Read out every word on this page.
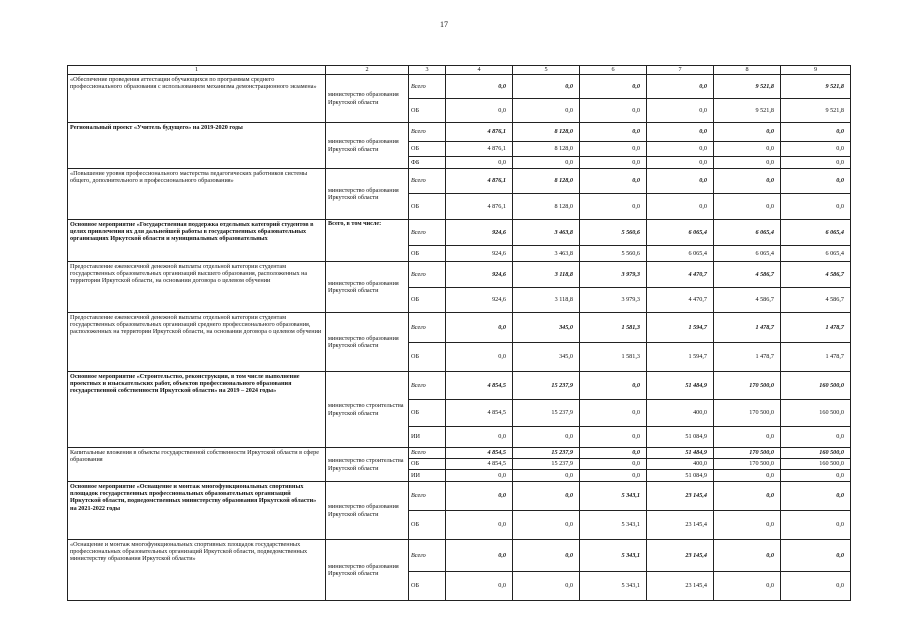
17
1	2	3	4	5	6	7	8	9
«Обеспечение проведения аттестации обучающихся по программам среднего профессионального образования с использованием механизма демонстрационного экзамена»	министерство образования Иркутской области	Всего	0,0	0,0	0,0	0,0	9 521,8	9 521,8
		ОБ	0,0	0,0	0,0	0,0	9 521,8	9 521,8
Региональный проект «Учитель будущего» на 2019-2020 годы	министерство образования Иркутской области	Всего	4 876,1	8 128,0	0,0	0,0	0,0	0,0
		ОБ	4 876,1	8 128,0	0,0	0,0	0,0	0,0
		ФБ	0,0	0,0	0,0	0,0	0,0	0,0
«Повышение уровня профессионального мастерства педагогических работников системы общего, дополнительного и профессионального образования»	министерство образования Иркутской области	Всего	4 876,1	8 128,0	0,0	0,0	0,0	0,0
		ОБ	4 876,1	8 128,0	0,0	0,0	0,0	0,0
Основное мероприятие «Государственная поддержка отдельных категорий студентов в целях привлечения их для дальнейшей работы в государственных образовательных организациях Иркутской области и муниципальных образовательных	Всего, в том числе:	Всего	924,6	3 463,8	5 560,6	6 065,4	6 065,4	6 065,4
		ОБ	924,6	3 463,8	5 560,6	6 065,4	6 065,4	6 065,4
Предоставление ежемесячной денежной выплаты отдельной категории студентам государственных образовательных организаций высшего образования, расположенных на территории Иркутской области, на основании договора о целевом обучении	министерство образования Иркутской области	Всего	924,6	3 118,8	3 979,3	4 470,7	4 586,7	4 586,7
		ОБ	924,6	3 118,8	3 979,3	4 470,7	4 586,7	4 586,7
Предоставление ежемесячной денежной выплаты отдельной категории студентам государственных образовательных организаций среднего профессионального образования, расположенных на территории Иркутской области, на основании договора о целевом обучении	министерство образования Иркутской области	Всего	0,0	345,0	1 581,3	1 594,7	1 478,7	1 478,7
		ОБ	0,0	345,0	1 581,3	1 594,7	1 478,7	1 478,7
Основное мероприятие «Строительство, реконструкция, в том числе выполнение проектных и изыскательских работ, объектов профессионального образования государственной собственности Иркутской области» на 2019 – 2024 годы»	министерство строительства Иркутской области	Всего	4 854,5	15 237,9	0,0	51 484,9	170 500,0	160 500,0
		ОБ	4 854,5	15 237,9	0,0	400,0	170 500,0	160 500,0
		ИИ	0,0	0,0	0,0	51 084,9	0,0	0,0
Капитальные вложения в объекты государственной собственности Иркутской области в сфере образования	министерство строительства Иркутской области	Всего	4 854,5	15 237,9	0,0	51 484,9	170 500,0	160 500,0
		ОБ	4 854,5	15 237,9	0,0	400,0	170 500,0	160 500,0
		ИИ	0,0	0,0	0,0	51 084,9	0,0	0,0
Основное мероприятие «Оснащение и монтаж многофункциональных спортивных площадок государственных профессиональных образовательных организаций Иркутской области, подведомственных министерству образования Иркутской области» на 2021-2022 годы	министерство образования Иркутской области	Всего	0,0	0,0	5 343,1	23 145,4	0,0	0,0
		ОБ	0,0	0,0	5 343,1	23 145,4	0,0	0,0
«Оснащение и монтаж многофункциональных спортивных площадок государственных профессиональных образовательных организаций Иркутской области, подведомственных министерству образования Иркутской области»	министерство образования Иркутской области	Всего	0,0	0,0	5 343,1	23 145,4	0,0	0,0
		ОБ	0,0	0,0	5 343,1	23 145,4	0,0	0,0
